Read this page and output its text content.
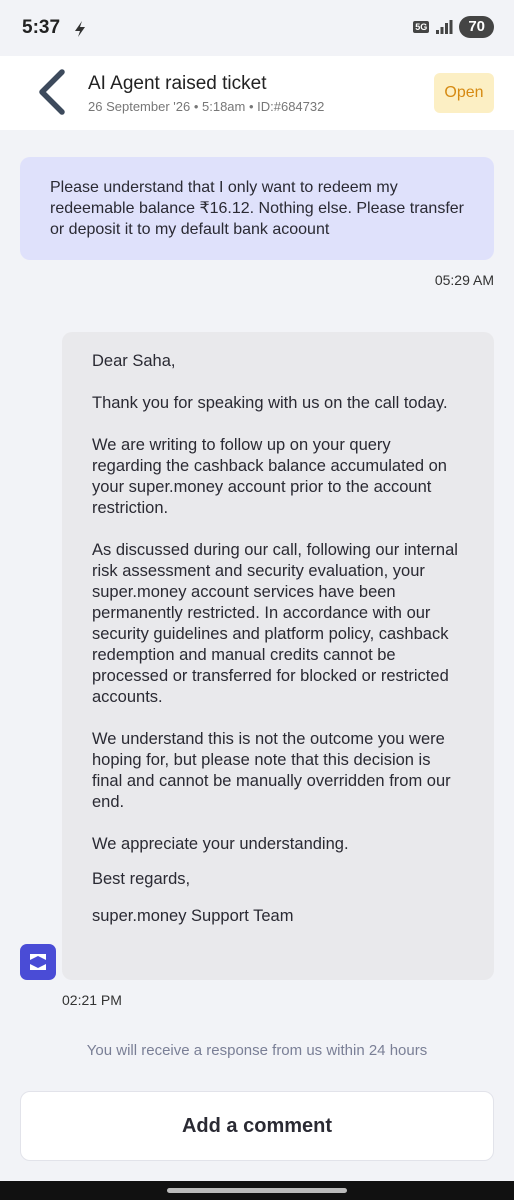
5:37	5G	70
AI Agent raised ticket
26 September '26 • 5:18am • ID:#684732
Open
Please understand that I only want to redeem my redeemable balance ₹16.12. Nothing else. Please transfer or deposit it to my default bank acoount
05:29 AM

Dear Saha,

Thank you for speaking with us on the call today.

We are writing to follow up on your query regarding the cashback balance accumulated on your super.money account prior to the account restriction.

As discussed during our call, following our internal risk assessment and security evaluation, your super.money account services have been permanently restricted. In accordance with our security guidelines and platform policy, cashback redemption and manual credits cannot be processed or transferred for blocked or restricted accounts.

We understand this is not the outcome you were hoping for, but please note that this decision is final and cannot be manually overridden from our end.

We appreciate your understanding.

Best regards,

super.money Support Team

02:21 PM
You will receive a response from us within 24 hours
Add a comment
